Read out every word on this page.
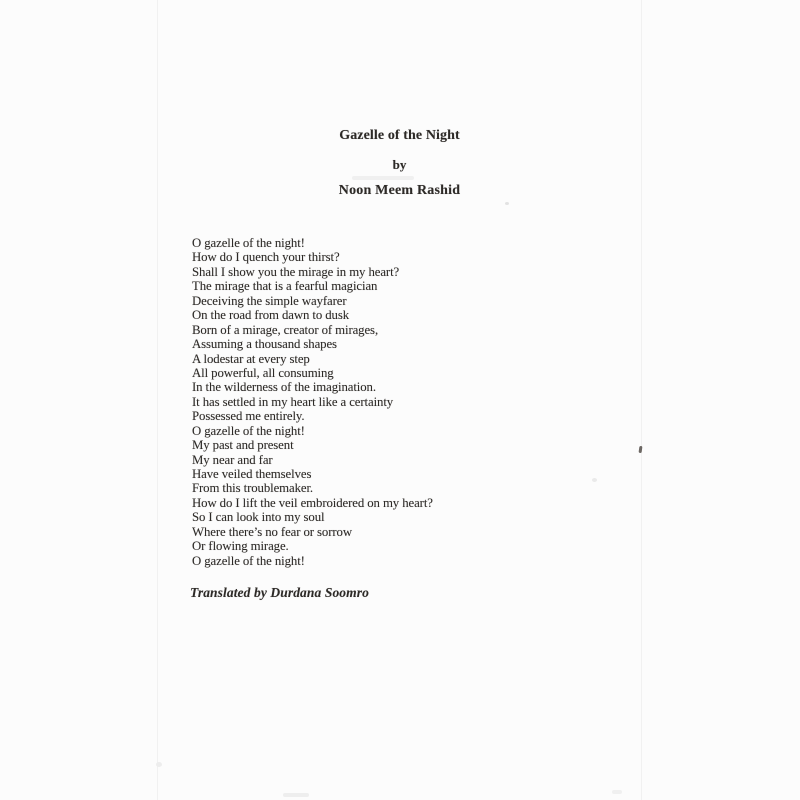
Gazelle of the Night
by
Noon Meem Rashid
O gazelle of the night!
How do I quench your thirst?
Shall I show you the mirage in my heart?
The mirage that is a fearful magician
Deceiving the simple wayfarer
On the road from dawn to dusk
Born of a mirage, creator of mirages,
Assuming a thousand shapes
A lodestar at every step
All powerful, all consuming
In the wilderness of the imagination.
It has settled in my heart like a certainty
Possessed me entirely.
O gazelle of the night!
My past and present
My near and far
Have veiled themselves
From this troublemaker.
How do I lift the veil embroidered on my heart?
So I can look into my soul
Where there’s no fear or sorrow
Or flowing mirage.
O gazelle of the night!
Translated by Durdana Soomro
